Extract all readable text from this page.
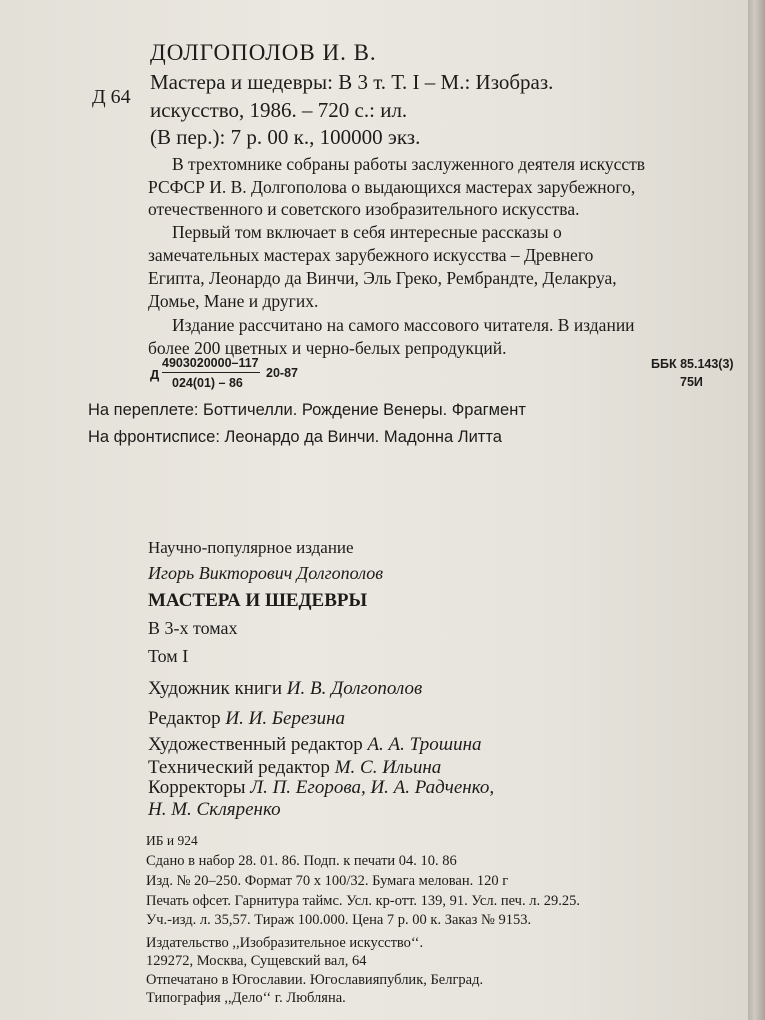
ДОЛГОПОЛОВ И. В.
Д 64
Мастера и шедевры: В 3 т. Т. I – М.: Изобраз.
искусство, 1986. – 720 с.: ил.
(В пер.): 7 р. 00 к., 100000 экз.
В трехтомнике собраны работы заслуженного деятеля искусств
РСФСР И. В. Долгополова о выдающихся мастерах зарубежного,
отечественного и советского изобразительного искусства.
Первый том включает в себя интересные рассказы о
замечательных мастерах зарубежного искусства – Древнего
Египта, Леонардо да Винчи, Эль Греко, Рембрандте, Делакруа,
Домье, Мане и других.
Издание рассчитано на самого массового читателя. В издании
более 200 цветных и черно-белых репродукций.
Д
4903020000–117
024(01) – 86
20-87
ББК 85.143(3)
75И
На переплете: Боттичелли. Рождение Венеры. Фрагмент
На фронтисписе: Леонардо да Винчи. Мадонна Литта
Научно-популярное издание
Игорь Викторович Долгополов
МАСТЕРА И ШЕДЕВРЫ
В 3-х томах
Том I
Художник книги И. В. Долгополов
Редактор И. И. Березина
Художественный редактор А. А. Трошина
Технический редактор М. С. Ильина
Корректоры Л. П. Егорова, И. А. Радченко,
Н. М. Скляренко
ИБ и 924
Сдано в набор 28. 01. 86. Подп. к печати 04. 10. 86
Изд. № 20–250. Формат 70 х 100/32. Бумага мелован. 120 г
Печать офсет. Гарнитура таймс. Усл. кр-отт. 139, 91. Усл. печ. л. 29.25.
Уч.-изд. л. 35,57. Тираж 100.000. Цена 7 р. 00 к. Заказ № 9153.
Издательство ,,Изобразительное искусство‘‘.
129272, Москва, Сущевский вал, 64
Отпечатано в Югославии. Югославияпублик, Белград.
Типография ,,Дело‘‘ г. Любляна.
